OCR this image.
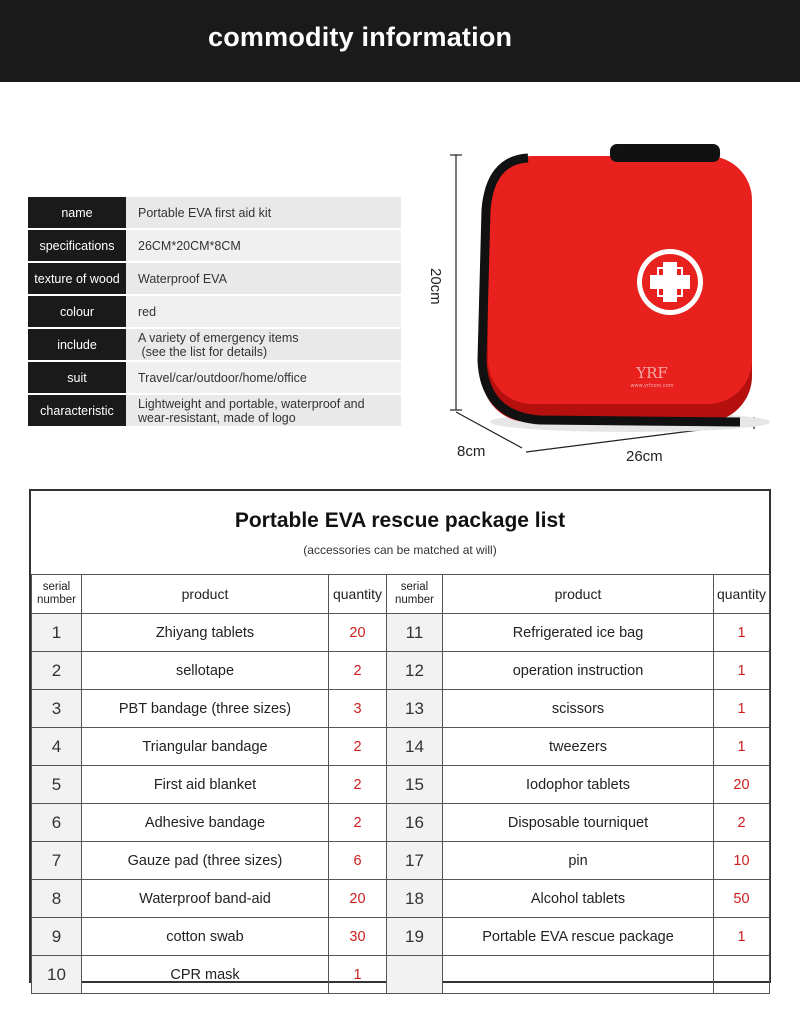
commodity information
name	Portable EVA first aid kit
specifications	26CM*20CM*8CM
texture of wood	Waterproof EVA
colour	red
include	A variety of emergency items
(see the list for details)
suit	Travel/car/outdoor/home/office
characteristic	Lightweight and portable, waterproof and
wear-resistant, made of logo
YRF
www.yrfcom.com
20cm
8cm	26cm
Portable EVA rescue package list
(accessories can be matched at will)
serial
number	product	quantity	serial
number	product	quantity
1	Zhiyang tablets	20	11	Refrigerated ice bag	1
2	sellotape	2	12	operation instruction	1
3	PBT bandage (three sizes)	3	13	scissors	1
4	Triangular bandage	2	14	tweezers	1
5	First aid blanket	2	15	Iodophor tablets	20
6	Adhesive bandage	2	16	Disposable tourniquet	2
7	Gauze pad (three sizes)	6	17	pin	10
8	Waterproof band-aid	20	18	Alcohol tablets	50
9	cotton swab	30	19	Portable EVA rescue package	1
10	CPR mask	1			
